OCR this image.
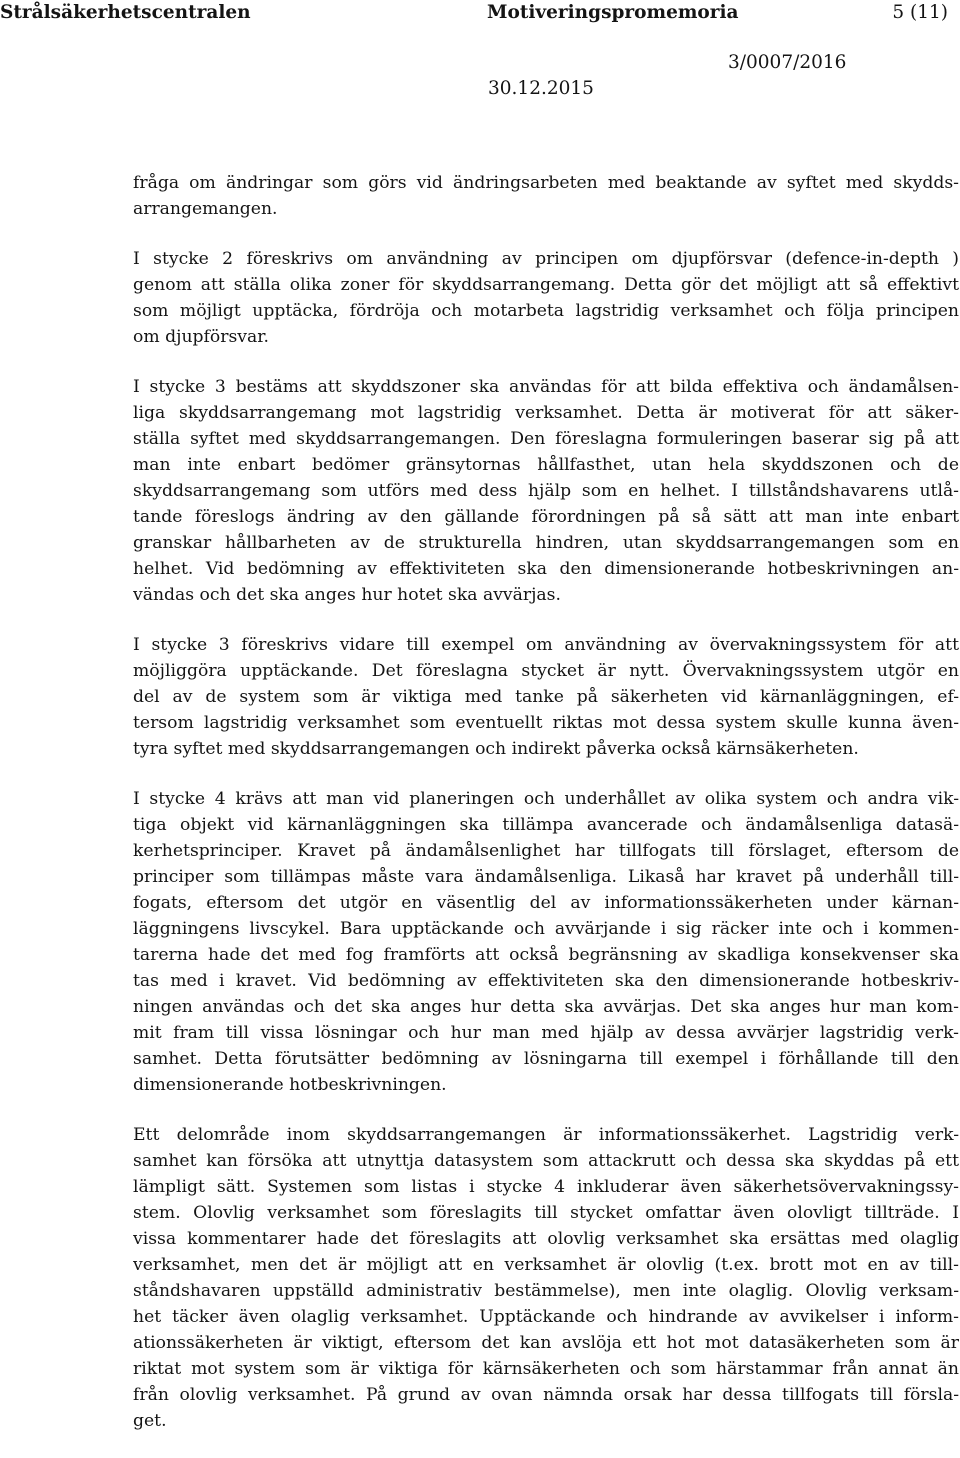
Strålsäkerhetscentralen	Motiveringspromemoria	5 (11)
3/0007/2016
30.12.2015
fråga om ändringar som görs vid ändringsarbeten med beaktande av syftet med skydds-
arrangemangen.
I stycke 2 föreskrivs om användning av principen om djupförsvar (defence-in-depth )
genom att ställa olika zoner för skyddsarrangemang. Detta gör det möjligt att så effektivt
som möjligt upptäcka, fördröja och motarbeta lagstridig verksamhet och följa principen
om djupförsvar.
I stycke 3 bestäms att skyddszoner ska användas för att bilda effektiva och ändamålsen-
liga skyddsarrangemang mot lagstridig verksamhet. Detta är motiverat för att säker-
ställa syftet med skyddsarrangemangen. Den föreslagna formuleringen baserar sig på att
man inte enbart bedömer gränsytornas hållfasthet, utan hela skyddszonen och de
skyddsarrangemang som utförs med dess hjälp som en helhet. I tillståndshavarens utlå-
tande föreslogs ändring av den gällande förordningen på så sätt att man inte enbart
granskar hållbarheten av de strukturella hindren, utan skyddsarrangemangen som en
helhet. Vid bedömning av effektiviteten ska den dimensionerande hotbeskrivningen an-
vändas och det ska anges hur hotet ska avvärjas.
I stycke 3 föreskrivs vidare till exempel om användning av övervakningssystem för att
möjliggöra upptäckande. Det föreslagna stycket är nytt. Övervakningssystem utgör en
del av de system som är viktiga med tanke på säkerheten vid kärnanläggningen, ef-
tersom lagstridig verksamhet som eventuellt riktas mot dessa system skulle kunna även-
tyra syftet med skyddsarrangemangen och indirekt påverka också kärnsäkerheten.
I stycke 4 krävs att man vid planeringen och underhållet av olika system och andra vik-
tiga objekt vid kärnanläggningen ska tillämpa avancerade och ändamålsenliga datasä-
kerhetsprinciper. Kravet på ändamålsenlighet har tillfogats till förslaget, eftersom de
principer som tillämpas måste vara ändamålsenliga. Likaså har kravet på underhåll till-
fogats, eftersom det utgör en väsentlig del av informationssäkerheten under kärnan-
läggningens livscykel. Bara upptäckande och avvärjande i sig räcker inte och i kommen-
tarerna hade det med fog framförts att också begränsning av skadliga konsekvenser ska
tas med i kravet. Vid bedömning av effektiviteten ska den dimensionerande hotbeskriv-
ningen användas och det ska anges hur detta ska avvärjas. Det ska anges hur man kom-
mit fram till vissa lösningar och hur man med hjälp av dessa avvärjer lagstridig verk-
samhet. Detta förutsätter bedömning av lösningarna till exempel i förhållande till den
dimensionerande hotbeskrivningen.
Ett delområde inom skyddsarrangemangen är informationssäkerhet. Lagstridig verk-
samhet kan försöka att utnyttja datasystem som attackrutt och dessa ska skyddas på ett
lämpligt sätt. Systemen som listas i stycke 4 inkluderar även säkerhetsövervakningssy-
stem. Olovlig verksamhet som föreslagits till stycket omfattar även olovligt tillträde. I
vissa kommentarer hade det föreslagits att olovlig verksamhet ska ersättas med olaglig
verksamhet, men det är möjligt att en verksamhet är olovlig (t.ex. brott mot en av till-
ståndshavaren uppställd administrativ bestämmelse), men inte olaglig. Olovlig verksam-
het täcker även olaglig verksamhet. Upptäckande och hindrande av avvikelser i inform-
ationssäkerheten är viktigt, eftersom det kan avslöja ett hot mot datasäkerheten som är
riktat mot system som är viktiga för kärnsäkerheten och som härstammar från annat än
från olovlig verksamhet. På grund av ovan nämnda orsak har dessa tillfogats till försla-
get.
